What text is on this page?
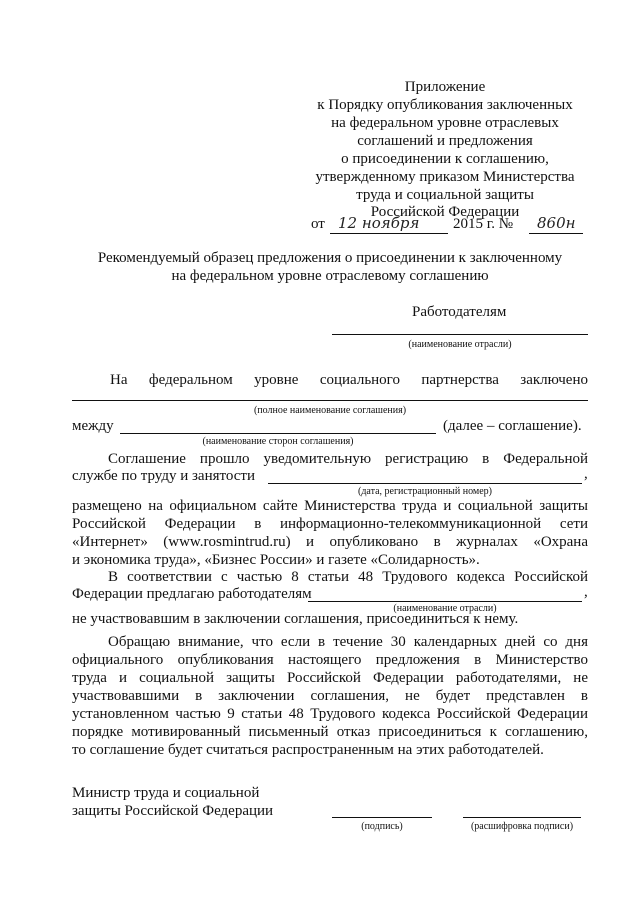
Приложение
к Порядку опубликования заключенных
на федеральном уровне отраслевых
соглашений и предложения
о присоединении к соглашению,
утвержденному приказом Министерства
труда и социальной защиты
Российской Федерации
от 12 ноября 2015 г. № 860н
Рекомендуемый образец предложения о присоединении к заключенному
на федеральном уровне отраслевому соглашению
Работодателям
(наименование отрасли)
На федеральном уровне социального партнерства заключено
(полное наименование соглашения)
между	(далее – соглашение).
(наименование сторон соглашения)
Соглашение прошло уведомительную регистрацию в Федеральной
службе по труду и занятости	,
(дата, регистрационный номер)
размещено на официальном сайте Министерства труда и социальной защиты
Российской Федерации в информационно-телекоммуникационной сети
«Интернет» (www.rosmintrud.ru) и опубликовано в журналах «Охрана
и экономика труда», «Бизнес России» и газете «Солидарность».
В соответствии с частью 8 статьи 48 Трудового кодекса Российской
Федерации предлагаю работодателям	,
(наименование отрасли)
не участвовавшим в заключении соглашения, присоединиться к нему.
Обращаю внимание, что если в течение 30 календарных дней со дня
официального опубликования настоящего предложения в Министерство
труда и социальной защиты Российской Федерации работодателями, не
участвовавшими в заключении соглашения, не будет представлен в
установленном частью 9 статьи 48 Трудового кодекса Российской Федерации
порядке мотивированный письменный отказ присоединиться к соглашению,
то соглашение будет считаться распространенным на этих работодателей.
Министр труда и социальной
защиты Российской Федерации
(подпись)	(расшифровка подписи)
